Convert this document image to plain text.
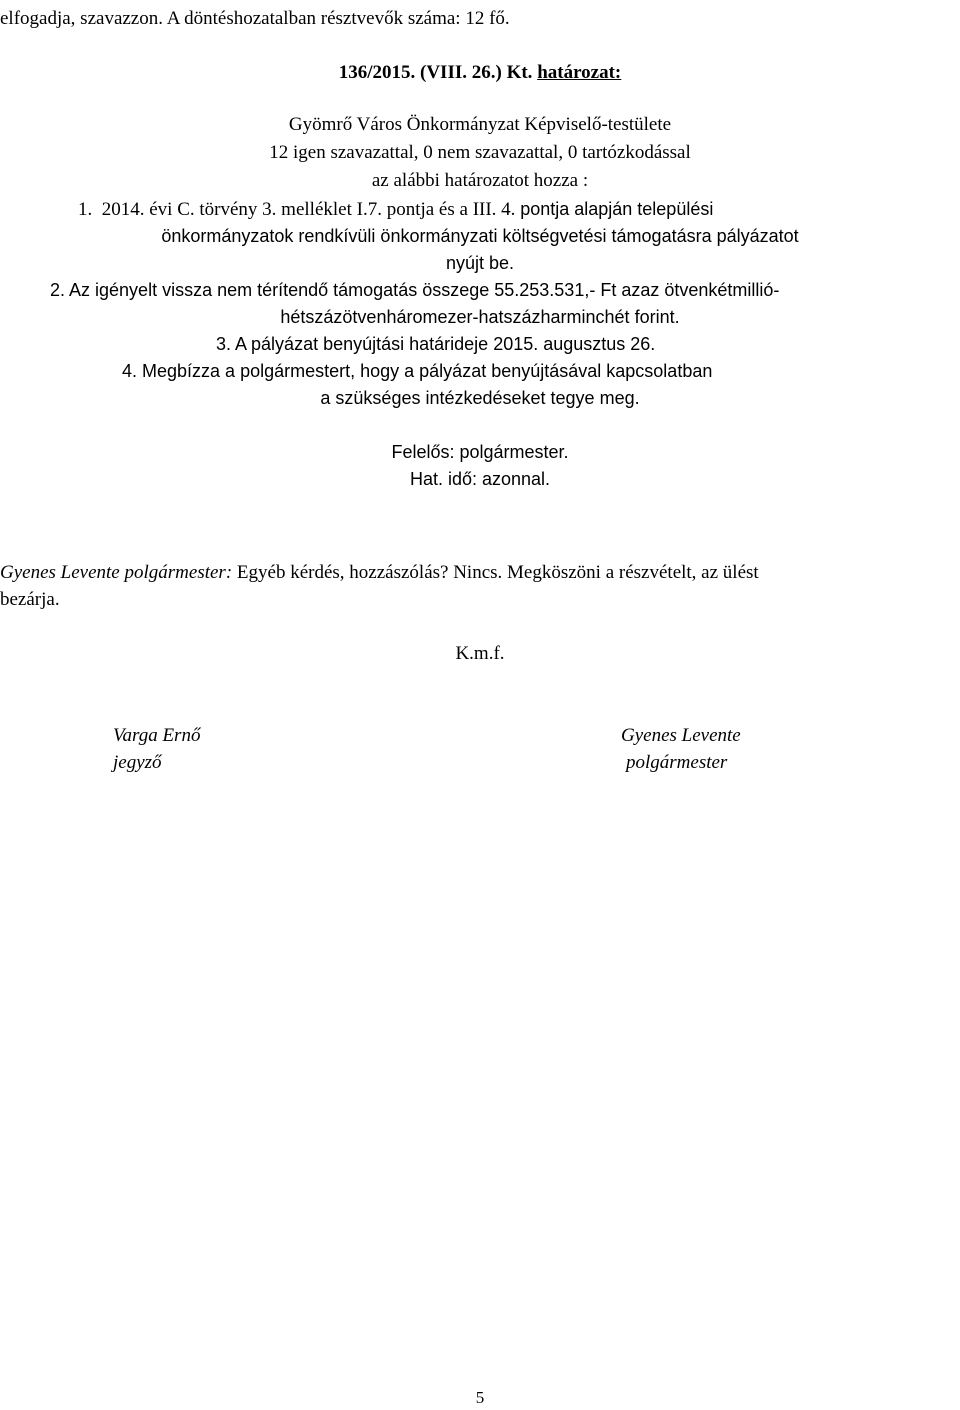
elfogadja, szavazzon. A döntéshozatalban résztvevők száma: 12 fő.
136/2015. (VIII. 26.) Kt. határozat:
Gyömrő Város Önkormányzat Képviselő-testülete
12 igen szavazattal, 0 nem szavazattal, 0 tartózkodással
az alábbi határozatot hozza :
1. 2014. évi C. törvény 3. melléklet I.7. pontja és a III. 4. pontja alapján települési
önkormányzatok rendkívüli önkormányzati költségvetési támogatásra pályázatot
nyújt be.
2. Az igényelt vissza nem térítendő támogatás összege 55.253.531,- Ft azaz ötvenkétmillió-
hétszázötvenháromezer-hatszázharminchét forint.
3. A pályázat benyújtási határideje 2015. augusztus 26.
4. Megbízza a polgármestert, hogy a pályázat benyújtásával kapcsolatban
a szükséges intézkedéseket tegye meg.
Felelős: polgármester.
Hat. idő: azonnal.
Gyenes Levente polgármester: Egyéb kérdés, hozzászólás? Nincs. Megköszöni a részvételt, az ülést
bezárja.
K.m.f.
Varga Ernő
jegyző
Gyenes Levente
polgármester
5
